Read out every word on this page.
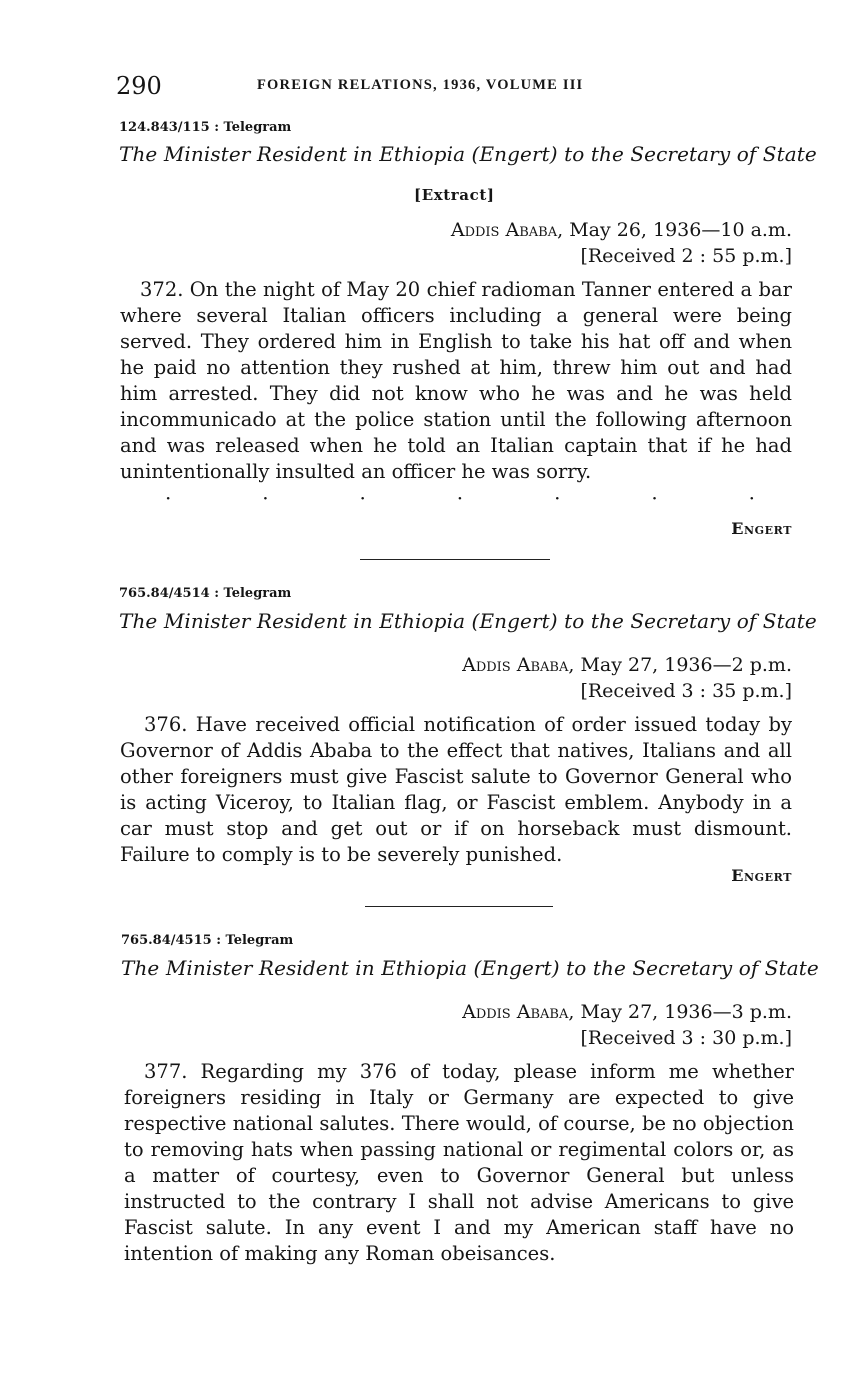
290	FOREIGN RELATIONS, 1936, VOLUME III
124.843/115 : Telegram
The Minister Resident in Ethiopia (Engert) to the Secretary of State
[Extract]
Addis Ababa, May 26, 1936—10 a.m.
[Received 2 : 55 p.m.]
372. On the night of May 20 chief radioman Tanner entered a bar where several Italian officers including a general were being served. They ordered him in English to take his hat off and when he paid no attention they rushed at him, threw him out and had him arrested. They did not know who he was and he was held incommunicado at the police station until the following afternoon and was released when he told an Italian captain that if he had unintentionally insulted an officer he was sorry.
·	·	·	·	·	·	·
Engert
765.84/4514 : Telegram
The Minister Resident in Ethiopia (Engert) to the Secretary of State
Addis Ababa, May 27, 1936—2 p.m.
[Received 3 : 35 p.m.]
376. Have received official notification of order issued today by Governor of Addis Ababa to the effect that natives, Italians and all other foreigners must give Fascist salute to Governor General who is acting Viceroy, to Italian flag, or Fascist emblem. Anybody in a car must stop and get out or if on horseback must dismount. Failure to comply is to be severely punished.
Engert
765.84/4515 : Telegram
The Minister Resident in Ethiopia (Engert) to the Secretary of State
Addis Ababa, May 27, 1936—3 p.m.
[Received 3 : 30 p.m.]
377. Regarding my 376 of today, please inform me whether foreigners residing in Italy or Germany are expected to give respective national salutes. There would, of course, be no objection to removing hats when passing national or regimental colors or, as a matter of courtesy, even to Governor General but unless instructed to the contrary I shall not advise Americans to give Fascist salute. In any event I and my American staff have no intention of making any Roman obeisances.
